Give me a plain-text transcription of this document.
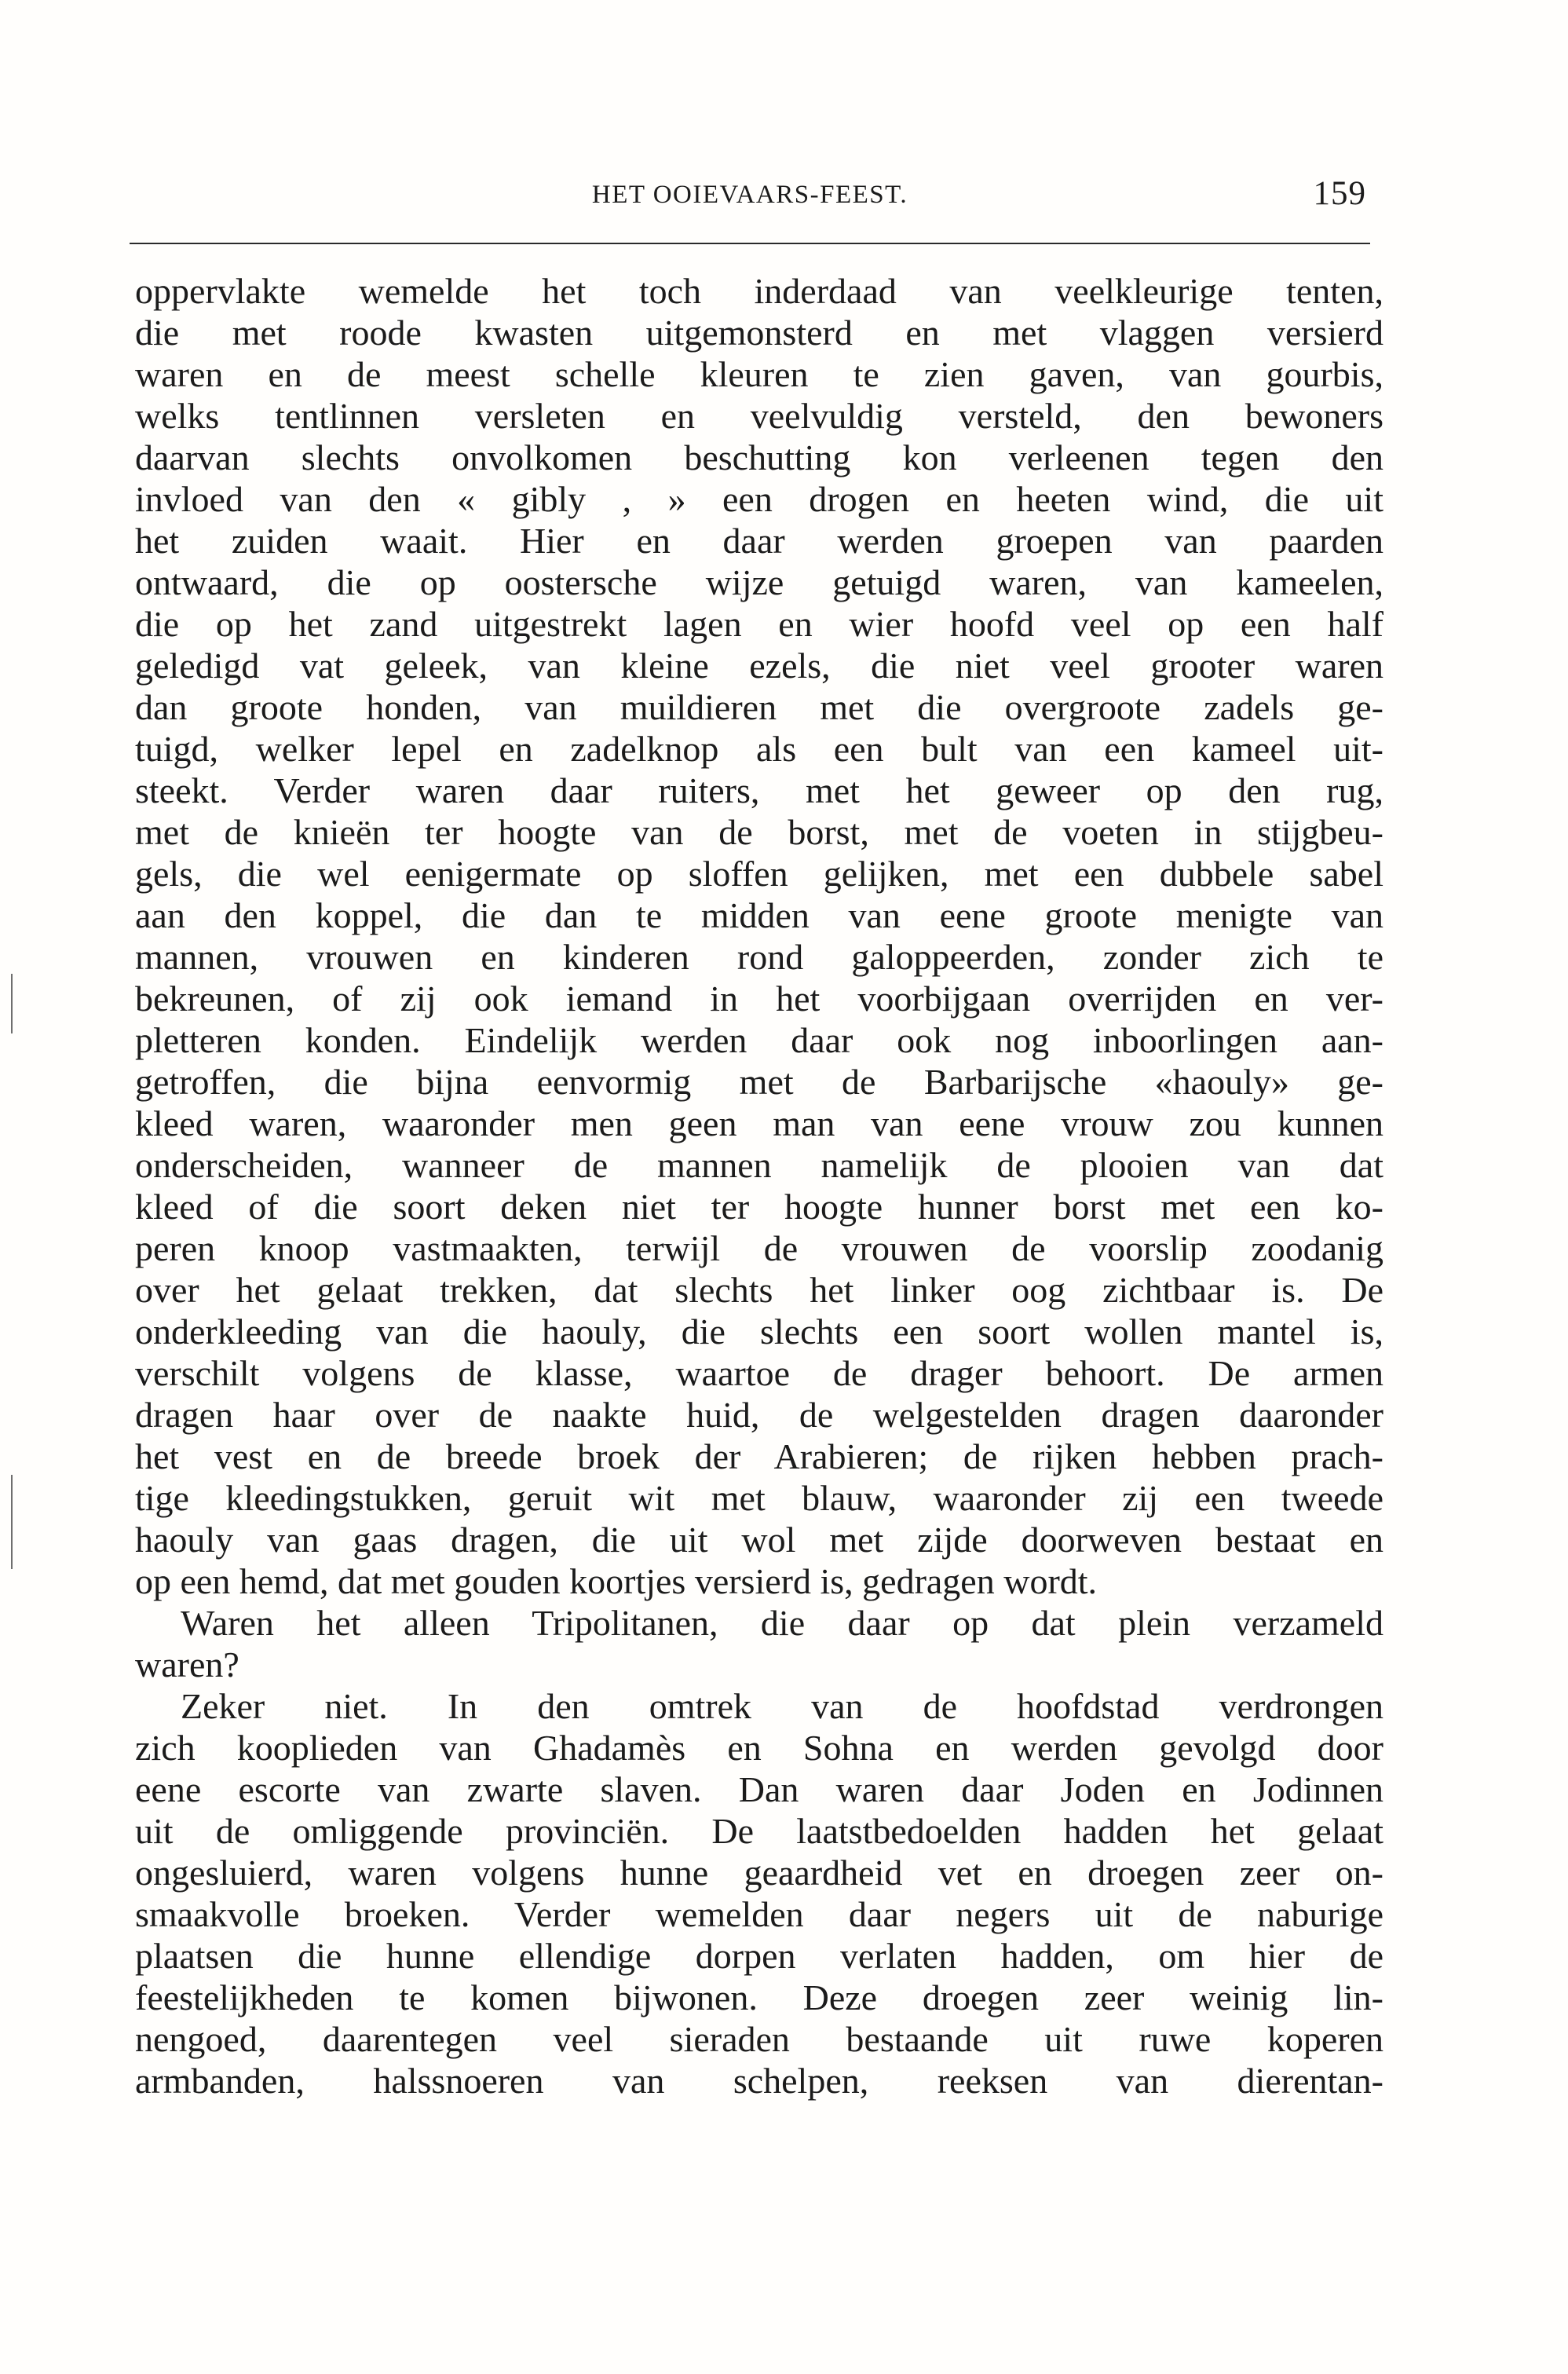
HET OOIEVAARS-FEEST.	159
oppervlakte wemelde het toch inderdaad van veelkleurige tenten,
die met roode kwasten uitgemonsterd en met vlaggen versierd
waren en de meest schelle kleuren te zien gaven, van gourbis,
welks tentlinnen versleten en veelvuldig versteld, den bewoners
daarvan slechts onvolkomen beschutting kon verleenen tegen den
invloed van den « gibly , » een drogen en heeten wind, die uit
het zuiden waait. Hier en daar werden groepen van paarden
ontwaard, die op oostersche wijze getuigd waren, van kameelen,
die op het zand uitgestrekt lagen en wier hoofd veel op een half
geledigd vat geleek, van kleine ezels, die niet veel grooter waren
dan groote honden, van muildieren met die overgroote zadels ge-
tuigd, welker lepel en zadelknop als een bult van een kameel uit-
steekt. Verder waren daar ruiters, met het geweer op den rug,
met de knieën ter hoogte van de borst, met de voeten in stijgbeu-
gels, die wel eenigermate op sloffen gelijken, met een dubbele sabel
aan den koppel, die dan te midden van eene groote menigte van
mannen, vrouwen en kinderen rond galoppeerden, zonder zich te
bekreunen, of zij ook iemand in het voorbijgaan overrijden en ver-
pletteren konden. Eindelijk werden daar ook nog inboorlingen aan-
getroffen, die bijna eenvormig met de Barbarijsche «haouly» ge-
kleed waren, waaronder men geen man van eene vrouw zou kunnen
onderscheiden, wanneer de mannen namelijk de plooien van dat
kleed of die soort deken niet ter hoogte hunner borst met een ko-
peren knoop vastmaakten, terwijl de vrouwen de voorslip zoodanig
over het gelaat trekken, dat slechts het linker oog zichtbaar is. De
onderkleeding van die haouly, die slechts een soort wollen mantel is,
verschilt volgens de klasse, waartoe de drager behoort. De armen
dragen haar over de naakte huid, de welgestelden dragen daaronder
het vest en de breede broek der Arabieren; de rijken hebben prach-
tige kleedingstukken, geruit wit met blauw, waaronder zij een tweede
haouly van gaas dragen, die uit wol met zijde doorweven bestaat en
op een hemd, dat met gouden koortjes versierd is, gedragen wordt.
Waren het alleen Tripolitanen, die daar op dat plein verzameld
waren?
Zeker niet. In den omtrek van de hoofdstad verdrongen
zich kooplieden van Ghadamès en Sohna en werden gevolgd door
eene escorte van zwarte slaven. Dan waren daar Joden en Jodinnen
uit de omliggende provinciën. De laatstbedoelden hadden het gelaat
ongesluierd, waren volgens hunne geaardheid vet en droegen zeer on-
smaakvolle broeken. Verder wemelden daar negers uit de naburige
plaatsen die hunne ellendige dorpen verlaten hadden, om hier de
feestelijkheden te komen bijwonen. Deze droegen zeer weinig lin-
nengoed, daarentegen veel sieraden bestaande uit ruwe koperen
armbanden, halssnoeren van schelpen, reeksen van dierentan-
